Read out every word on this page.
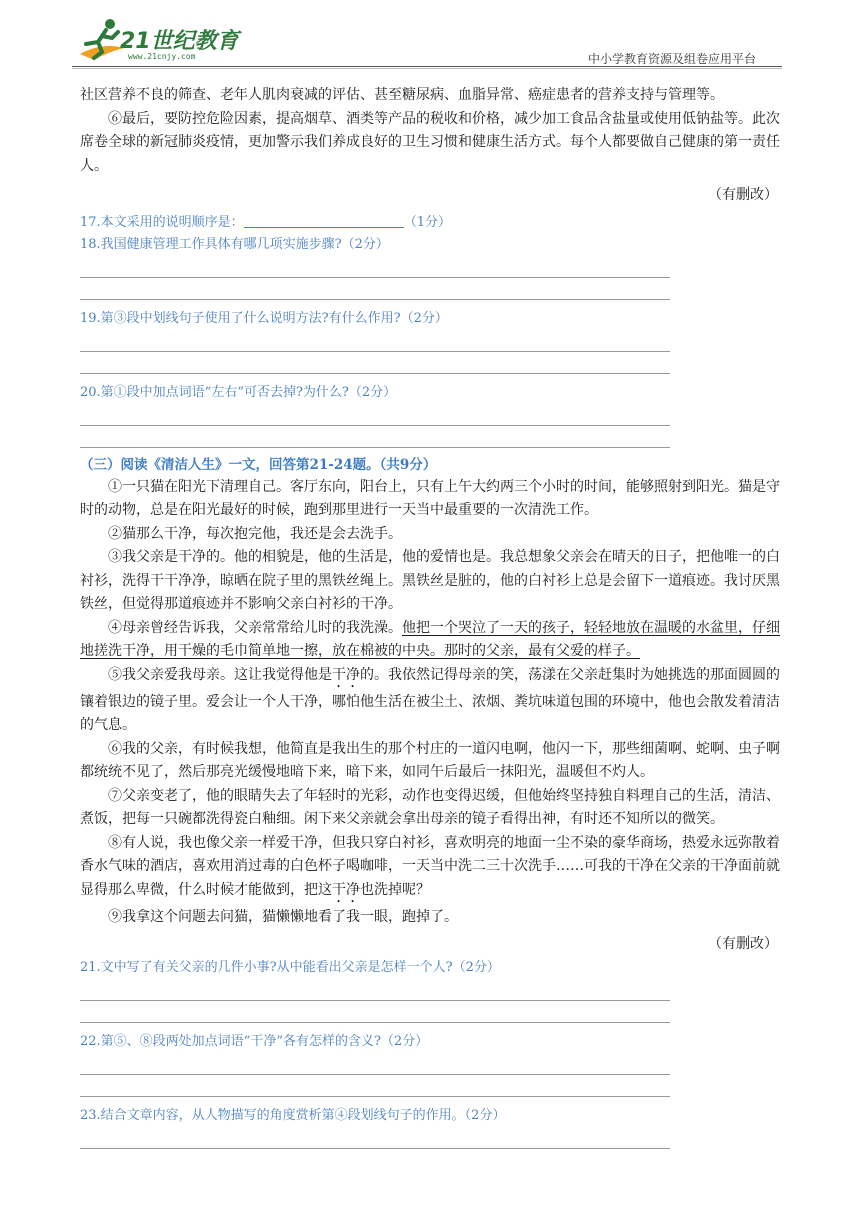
21世纪教育
www.21cnjy.com	中小学教育资源及组卷应用平台

社区营养不良的筛查、老年人肌肉衰减的评估、甚至糖尿病、血脂异常、癌症患者的营养支持与管理等。

⑥最后，要防控危险因素，提高烟草、酒类等产品的税收和价格，减少加工食品含盐量或使用低钠盐等。此次席卷全球的新冠肺炎疫情，更加警示我们养成良好的卫生习惯和健康生活方式。每个人都要做自己健康的第一责任人。

（有删改）

17.本文采用的说明顺序是：	（1分）

18.我国健康管理工作具体有哪几项实施步骤?（2分）

19.第③段中划线句子使用了什么说明方法?有什么作用?（2分）

20.第①段中加点词语“左右”可否去掉?为什么?（2分）

（三）阅读《清洁人生》一文，回答第21-24题。（共9分）

①一只猫在阳光下清理自己。客厅东向，阳台上，只有上午大约两三个小时的时间，能够照射到阳光。猫是守时的动物，总是在阳光最好的时候，跑到那里进行一天当中最重要的一次清洗工作。

②猫那么干净，每次抱完他，我还是会去洗手。

③我父亲是干净的。他的相貌是，他的生活是，他的爱情也是。我总想象父亲会在晴天的日子，把他唯一的白衬衫，洗得干干净净，晾晒在院子里的黑铁丝绳上。黑铁丝是脏的，他的白衬衫上总是会留下一道痕迹。我讨厌黑铁丝，但觉得那道痕迹并不影响父亲白衬衫的干净。

④母亲曾经告诉我，父亲常常给儿时的我洗澡。他把一个哭泣了一天的孩子，轻轻地放在温暖的水盆里，仔细地搓洗干净，用干燥的毛巾简单地一擦，放在棉被的中央。那时的父亲，最有父爱的样子。

⑤我父亲爱我母亲。这让我觉得他是干净的。我依然记得母亲的笑，荡漾在父亲赶集时为她挑选的那面圆圆的镶着银边的镜子里。爱会让一个人干净，哪怕他生活在被尘土、浓烟、粪坑味道包围的环境中，他也会散发着清洁的气息。

⑥我的父亲，有时候我想，他简直是我出生的那个村庄的一道闪电啊，他闪一下，那些细菌啊、蛇啊、虫子啊都统统不见了，然后那亮光缓慢地暗下来，暗下来，如同午后最后一抹阳光，温暖但不灼人。

⑦父亲变老了，他的眼睛失去了年轻时的光彩，动作也变得迟缓，但他始终坚持独自料理自己的生活，清洁、煮饭，把每一只碗都洗得瓷白釉细。闲下来父亲就会拿出母亲的镜子看得出神，有时还不知所以的微笑。

⑧有人说，我也像父亲一样爱干净，但我只穿白衬衫，喜欢明亮的地面一尘不染的豪华商场，热爱永远弥散着香水气味的酒店，喜欢用消过毒的白色杯子喝咖啡，一天当中洗二三十次洗手……可我的干净在父亲的干净面前就显得那么卑微，什么时候才能做到，把这干净也洗掉呢？

⑨我拿这个问题去问猫，猫懒懒地看了我一眼，跑掉了。

（有删改）

21.文中写了有关父亲的几件小事?从中能看出父亲是怎样一个人?（2分）

22.第⑤、⑧段两处加点词语“干净”各有怎样的含义?（2分）

23.结合文章内容，从人物描写的角度赏析第④段划线句子的作用。（2分）
